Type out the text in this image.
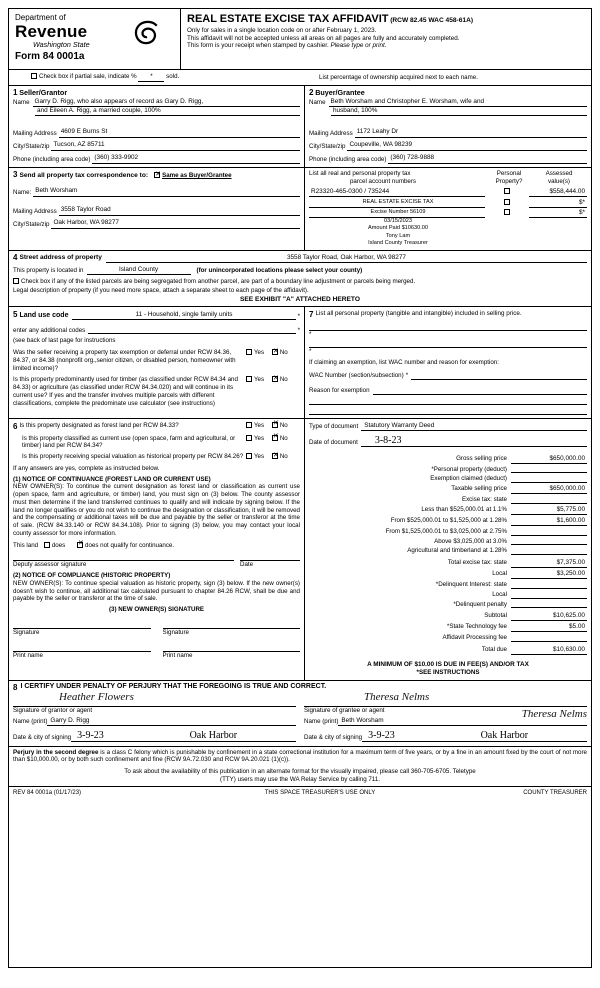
Department of
Revenue
Washington State
Form 84 0001a
REAL ESTATE EXCISE TAX AFFIDAVIT (RCW 82.45 WAC 458-61A)
Only for sales in a single location code on or after February 1, 2023.
This affidavit will not be accepted unless all areas on all pages are fully and accurately completed.
This form is your receipt when stamped by cashier. Please type or print.
Check box if partial sale, indicate % * sold.	List percentage of ownership acquired next to each name.
1 Seller/Grantor
Name Garry D. Rigg, who also appears of record as Gary D. Rigg,
and Eileen A. Rigg, a married couple, 100%
Mailing Address 4609 E Burns St
City/State/zip Tucson, AZ 85711
Phone (including area code) (360) 333-9902
2 Buyer/Grantee
Name Beth Worsham and Christopher E. Worsham, wife and
husband, 100%
Mailing Address 1172 Leahy Dr
City/State/zip Coupeville, WA 98239
Phone (including area code) (360) 728-9888
3 Send all property tax correspondence to: ✕	Same as Buyer/Grantee
Name: Beth Worsham
Mailing Address 3558 Taylor Road
City/State/zip Oak Harbor, WA 98277
List all real and personal property tax
parcel account numbers
Personal
Property?
Assessed
value(s)
R23320-465-0300 / 735244	$558,444.00
REAL ESTATE EXCISE TAX	$*
Excise Number 56109	$*
03/15/2023
Amount Paid $10630.00
Tony Lam
Island County Treasurer
4 Street address of property	3558 Taylor Road, Oak Harbor, WA 98277
This property is located in	Island County	(for unincorporated locations please select your county)
Check box if any of the listed parcels are being segregated from another parcel, are part of a boundary line adjustment or parcels being merged.
Legal description of property (if you need more space, attach a separate sheet to each page of the affidavit).
SEE EXHIBIT "A" ATTACHED HERETO
5 Land use code	11 - Household, single family units	*
enter any additional codes	*
(see back of last page for instructions
Was the seller receiving a property tax exemption or deferral under RCW 84.36, 84.37, or 84.38 (nonprofit org.,senior citizen, or disabled person, homeowner with limited income)?
Yes ✕	No
Is this property predominantly used for timber (as classified under RCW 84.34 and 84.33) or agriculture (as classified under RCW 84.34.020) and will continue in its current use? If yes and the transfer involves multiple parcels with different classifications, complete the predominate use calculator (see instructions)
Yes ✕	No
7 List all personal property (tangible and intangible) included in selling price.
*
*
If claiming an exemption, list WAC number and reason for exemption:
WAC Number (section/subsection) *
Reason for exemption
6 Is this property designated as forest land per RCW 84.33?	Yes ✕	No
Is this property classified as current use (open space, farm and agricultural, or timber) land per RCW 84.34?
Yes ✕	No
Is this property receiving special valuation as historical property per RCW 84.26?	Yes ✕	No
If any answers are yes, complete as instructed below.
(1) NOTICE OF CONTINUANCE (FOREST LAND OR CURRENT USE)
NEW OWNER(S): To continue the current designation as forest land or classification as current use (open space, farm and agriculture, or timber) land, you must sign on (3) below. The county assessor must then determine if the land transferred continues to qualify and will indicate by signing below. If the land no longer qualifies or you do not wish to continue the designation or classification, it will be removed and the compensating or additional taxes will be due and payable by the seller or transferor at the time of sale. (RCW 84.33.140 or RCW 84.34.108). Prior to signing (3) below, you may contact your local county assessor for more information.
This land does ✕	does not qualify for continuance.
Deputy assessor signature	Date
(2) NOTICE OF COMPLIANCE (HISTORIC PROPERTY)
NEW OWNER(S): To continue special valuation as historic property, sign (3) below. If the new owner(s) doesn't wish to continue, all additional tax calculated pursuant to chapter 84.26 RCW, shall be due and payable by the seller or transferor at the time of sale.
(3) NEW OWNER(S) SIGNATURE
Signature	Signature
Print name	Print name
Type of document Statutory Warranty Deed
Date of document	3-8-23
Gross selling price	$650,000.00
*Personal property (deduct)
Exemption claimed (deduct)
Taxable selling price	$650,000.00
Excise tax: state
Less than $525,000.01 at 1.1%	$5,775.00
From $525,000.01 to $1,525,000 at 1.28%	$1,600.00
From $1,525,000.01 to $3,025,000 at 2.75%
Above $3,025,000 at 3.0%
Agricultural and timberland at 1.28%
Total excise tax: state	$7,375.00
Local	$3,250.00
*Delinquent Interest: state
Local
*Delinquent penalty
Subtotal	$10,625.00
*State Technology fee	$5.00
Affidavit Processing fee
Total due	$10,630.00
A MINIMUM OF $10.00 IS DUE IN FEE(S) AND/OR TAX
*SEE INSTRUCTIONS
8 I CERTIFY UNDER PENALTY OF PERJURY THAT THE FOREGOING IS TRUE AND CORRECT.
Heather Flowers
Signature of grantor or agent
Theresa Nelms
Signature of grantee or agent
Name (print) Garry D. Rigg	Name (print) Beth Worsham
Theresa Nelms
Date & city of signing 3-9-23	Oak Harbor	Date & city of signing 3-9-23	Oak Harbor
Perjury in the second degree is a class C felony which is punishable by confinement in a state correctional institution for a maximum term of five years, or by a fine in an amount fixed by the court of not more than $10,000.00, or by both such confinement and fine (RCW 9A.72.030 and RCW 9A.20.021 (1)(c)).
To ask about the availability of this publication in an alternate format for the visually impaired, please call 360-705-6705. Teletype
(TTY) users may use the WA Relay Service by calling 711.
REV 84 0001a (01/17/23)	THIS SPACE TREASURER'S USE ONLY	COUNTY TREASURER
